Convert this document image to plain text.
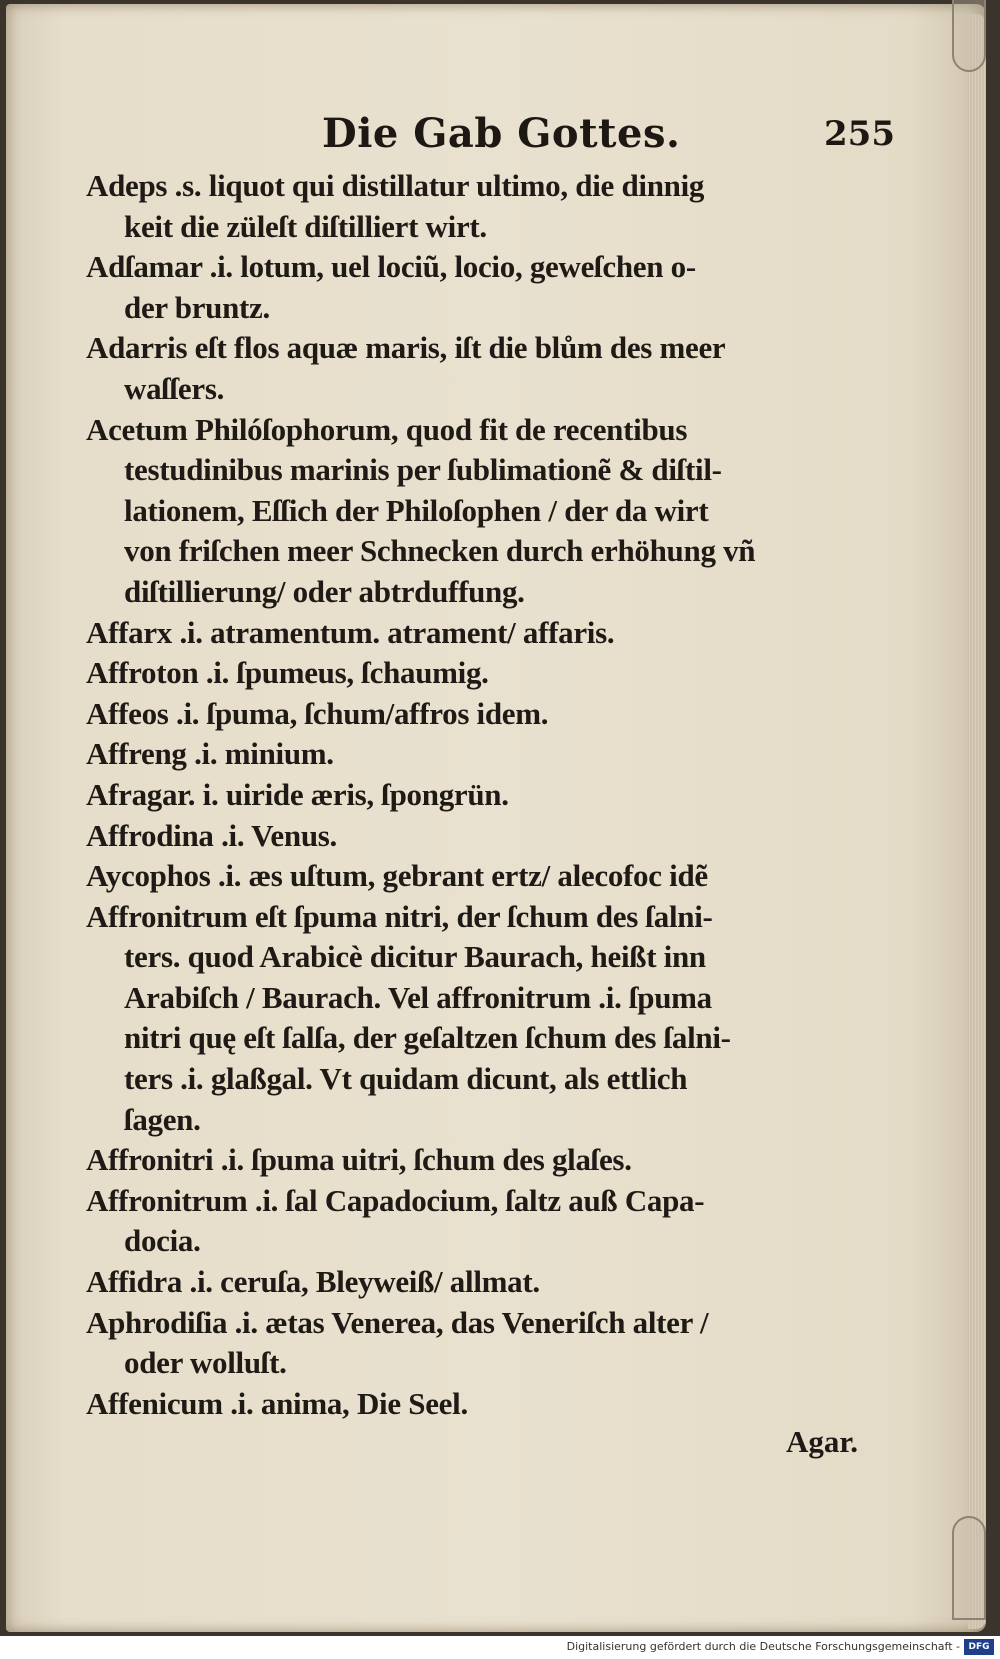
Die Gab Gottes.	255

Adeps .s. liquot qui distillatur ultimo, die dinnig
keit die züleſt diſtilliert wirt.

Adſamar .i. lotum, uel lociũ, locio, geweſchen o-
der bruntz.

Adarris eſt flos aquæ maris, iſt die blům des meer
waſſers.

Acetum Philóſophorum, quod fit de recentibus
testudinibus marinis per ſublimationẽ & diſtil-
lationem, Eſſich der Philoſophen / der da wirt
von friſchen meer Schnecken durch erhöhung vñ
diſtillierung/ oder abtrduffung.

Affarx .i. atramentum. atrament/ affaris.

Affroton .i. ſpumeus, ſchaumig.

Affeos .i. ſpuma, ſchum/affros idem.

Affreng .i. minium.

Afragar. i. uiride æris, ſpongrün.

Affrodina .i. Venus.

Aycophos .i. æs uſtum, gebrant ertz/ alecofoc idẽ

Affronitrum eſt ſpuma nitri, der ſchum des ſalni-
ters. quod Arabicè dicitur Baurach, heißt inn
Arabiſch / Baurach. Vel affronitrum .i. ſpuma
nitri quę eſt ſalſa, der geſaltzen ſchum des ſalni-
ters .i. glaßgal. Vt quidam dicunt, als ettlich
ſagen.

Affronitri .i. ſpuma uitri, ſchum des glaſes.

Affronitrum .i. ſal Capadocium, ſaltz auß Capa-
docia.

Affidra .i. ceruſa, Bleyweiß/ allmat.

Aphrodiſia .i. ætas Venerea, das Veneriſch alter /
oder wolluſt.

Affenicum .i. anima, Die Seel.

Agar.
Digitalisierung gefördert durch die Deutsche Forschungsgemeinschaft - DFG
